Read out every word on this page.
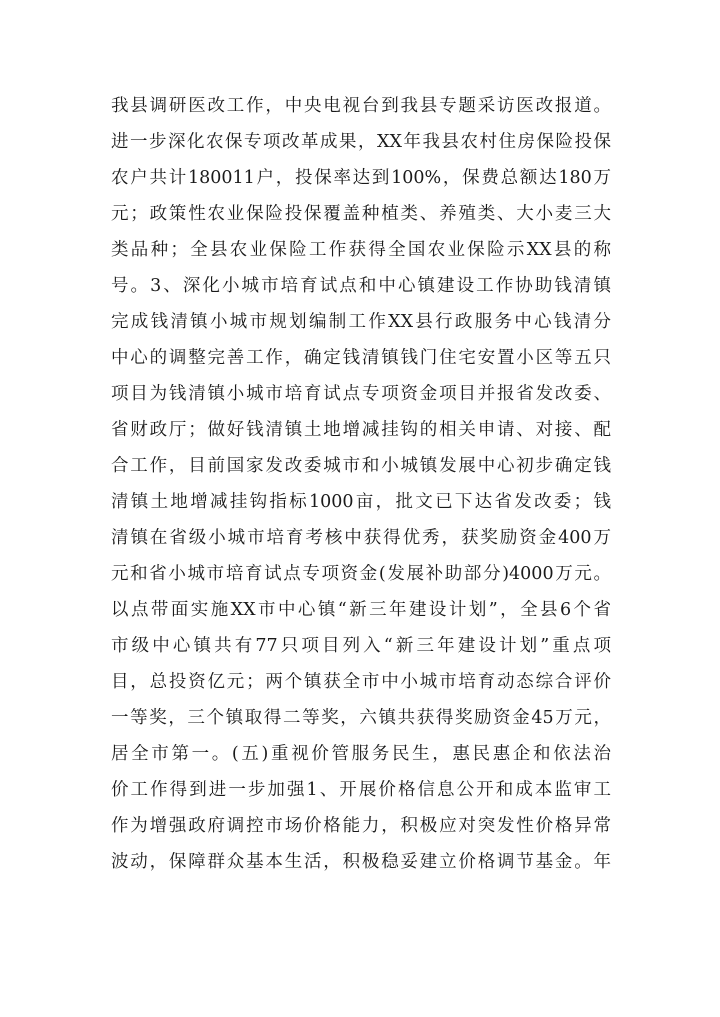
我县调研医改工作，中央电视台到我县专题采访医改报道。
进一步深化农保专项改革成果，XX年我县农村住房保险投保
农户共计180011户，投保率达到100%，保费总额达180万
元；政策性农业保险投保覆盖种植类、养殖类、大小麦三大
类品种；全县农业保险工作获得全国农业保险示XX县的称
号。3、深化小城市培育试点和中心镇建设工作协助钱清镇
完成钱清镇小城市规划编制工作XX县行政服务中心钱清分
中心的调整完善工作，确定钱清镇钱门住宅安置小区等五只
项目为钱清镇小城市培育试点专项资金项目并报省发改委、
省财政厅；做好钱清镇土地增减挂钩的相关申请、对接、配
合工作，目前国家发改委城市和小城镇发展中心初步确定钱
清镇土地增减挂钩指标1000亩，批文已下达省发改委；钱
清镇在省级小城市培育考核中获得优秀，获奖励资金400万
元和省小城市培育试点专项资金(发展补助部分)4000万元。
以点带面实施XX市中心镇“新三年建设计划”，全县6个省
市级中心镇共有77只项目列入“新三年建设计划”重点项
目，总投资亿元；两个镇获全市中小城市培育动态综合评价
一等奖，三个镇取得二等奖，六镇共获得奖励资金45万元，
居全市第一。(五)重视价管服务民生，惠民惠企和依法治
价工作得到进一步加强1、开展价格信息公开和成本监审工
作为增强政府调控市场价格能力，积极应对突发性价格异常
波动，保障群众基本生活，积极稳妥建立价格调节基金。年
